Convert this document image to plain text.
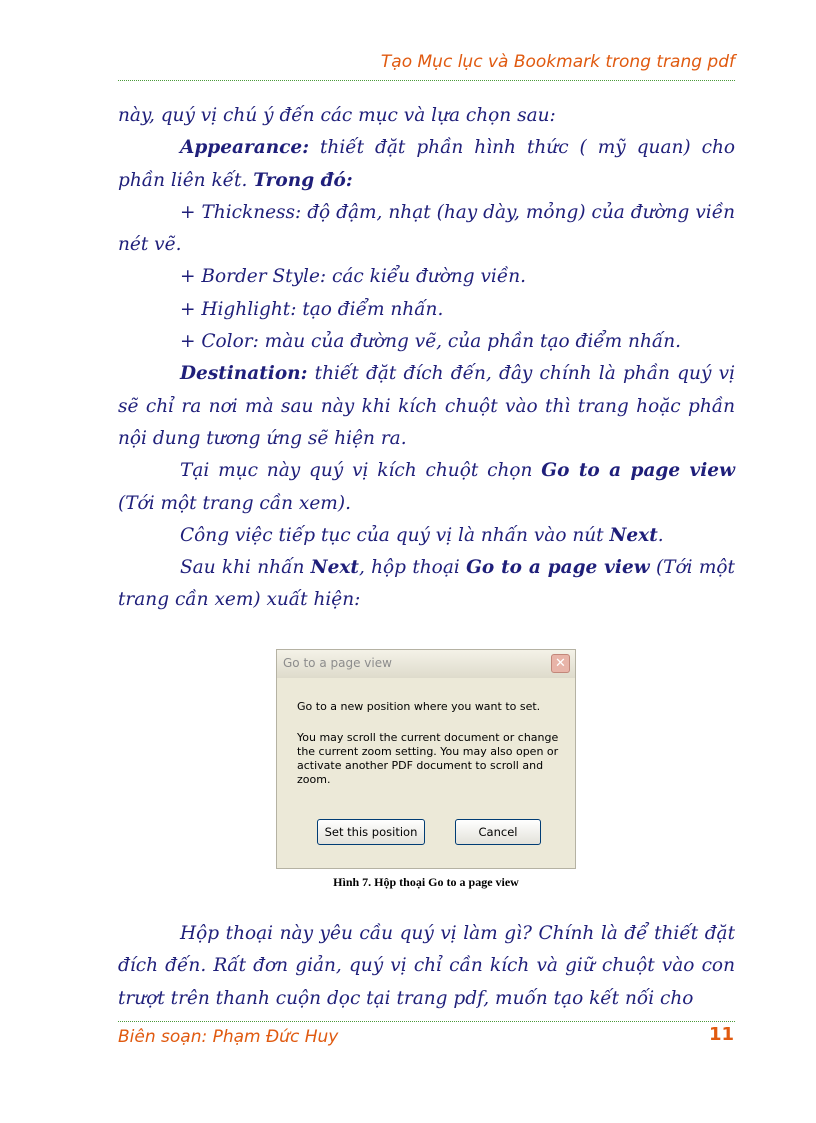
Tạo Mục lục và Bookmark trong trang pdf

này, quý vị chú ý đến các mục và lựa chọn sau:

Appearance: thiết đặt phần hình thức ( mỹ quan) cho phần liên kết. Trong đó:

+ Thickness: độ đậm, nhạt (hay dày, mỏng) của đường viền nét vẽ.

+ Border Style: các kiểu đường viền.

+ Highlight: tạo điểm nhấn.

+ Color: màu của đường vẽ, của phần tạo điểm nhấn.

Destination: thiết đặt đích đến, đây chính là phần quý vị sẽ chỉ ra nơi mà sau này khi kích chuột vào thì trang hoặc phần nội dung tương ứng sẽ hiện ra.

Tại mục này quý vị kích chuột chọn Go to a page view (Tới một trang cần xem).

Công việc tiếp tục của quý vị là nhấn vào nút Next.

Sau khi nhấn Next, hộp thoại Go to a page view (Tới một trang cần xem) xuất hiện:

Go to a page view	✕
Go to a new position where you want to set.
You may scroll the current document or change the current zoom setting. You may also open or activate another PDF document to scroll and zoom.
Set this position	Cancel
Hình 7. Hộp thoại Go to a page view

Hộp thoại này yêu cầu quý vị làm gì? Chính là để thiết đặt đích đến. Rất đơn giản, quý vị chỉ cần kích và giữ chuột vào con trượt trên thanh cuộn dọc tại trang pdf, muốn tạo kết nối cho

Biên soạn: Phạm Đức Huy	11
